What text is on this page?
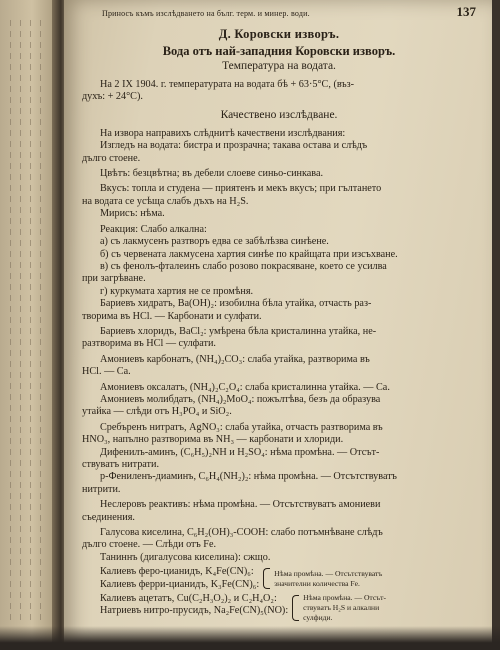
Приносъ къмъ изслѣдването на бълг. терм. и минер. води.	137
Д. Коровски изворъ.
Вода отъ най-западния Коровски изворъ.
Температура на водата.

На 2 IX 1904. г. температурата на водата бѣ + 63·5°C, (въз-

духъ: + 24°C).

Качествено изслѣдване.

На извора направихъ слѣднитѣ качествени изслѣдвания:

Изгледъ на водата: бистра и прозрачна; такава остава и слѣдъ

дълго стоене.

Цвѣтъ: безцвѣтна; въ дебели слоеве синьо-синкава.

Вкусъ: топла и студена — приятенъ и мекъ вкусъ; при гълтането

на водата се усѣща слабъ дъхъ на H₂S.

Мирисъ: нѣма.

Реакция: Слабо алкална:

а) съ лакмусенъ разтворъ едва се забѣлѣзва синѣене.

б) съ червената лакмусена хартия синѣе по крайщата при изсъхване.

в) съ фенолъ-фталеинъ слабо розово покрасяване, което се усилва

при загрѣване.

г) куркумата хартия не се промѣня.

Бариевъ хидратъ, Ba(OH)₂: изобилна бѣла утайка, отчасть раз-

творима въ HCl. — Карбонати и сулфати.

Бариевъ хлоридъ, BaCl₂: умѣрена бѣла кристалинна утайка, не-

разтворима въ HCl — сулфати.

Амониевъ карбонатъ, (NH₄)₂CO₃: слаба утайка, разтворима въ

HCl. — Ca.

Амониевъ оксалатъ, (NH₄)₂C₂O₄: слаба кристалинна утайка. — Ca.

Амониевъ молибдатъ, (NH₄)₂MoO₄: пожълтѣва, безъ да образува

утайка — слѣди отъ H₃PO₄ и SiO₂.

Сребъренъ нитратъ, AgNO₃: слаба утайка, отчасть разтворима въ

HNO₃, напълно разтворима въ NH₃ — карбонати и хлориди.

Дифенилъ-аминъ, (C₆H₅)₂NH и H₂SO₄: нѣма промѣна. — Отсът-

ствуватъ нитрати.

p-Фениленъ-диаминъ, C₆H₄(NH₂)₂: нѣма промѣна. — Отсътствуватъ

нитрити.

Неслеровъ реактивъ: нѣма промѣна. — Отсътствуватъ амониеви

съединения.

Галусова киселина, C₆H₂(OH)₃-COOH: слабо потъмнѣване слѣдъ

дълго стоене. — Слѣди отъ Fe.

Таниннъ (дигалусова киселина): сжщо.

Калиевъ феро-цианидъ, K₄Fe(CN)₆:

Калиевъ ферри-цианидъ, K₃Fe(CN)₆:

Нѣма промѣна. — Отсътствуватъ
значителни количества Fe.

Калиевъ ацетатъ, Cu(C₂H₃O₂)₂ и C₂H₄O₂:

Натриевъ нитро-прусидъ, Na₂Fe(CN)₅(NO):

Нѣма промѣна. — Отсът-
ствуватъ H₂S и алкални
сулфиди.
